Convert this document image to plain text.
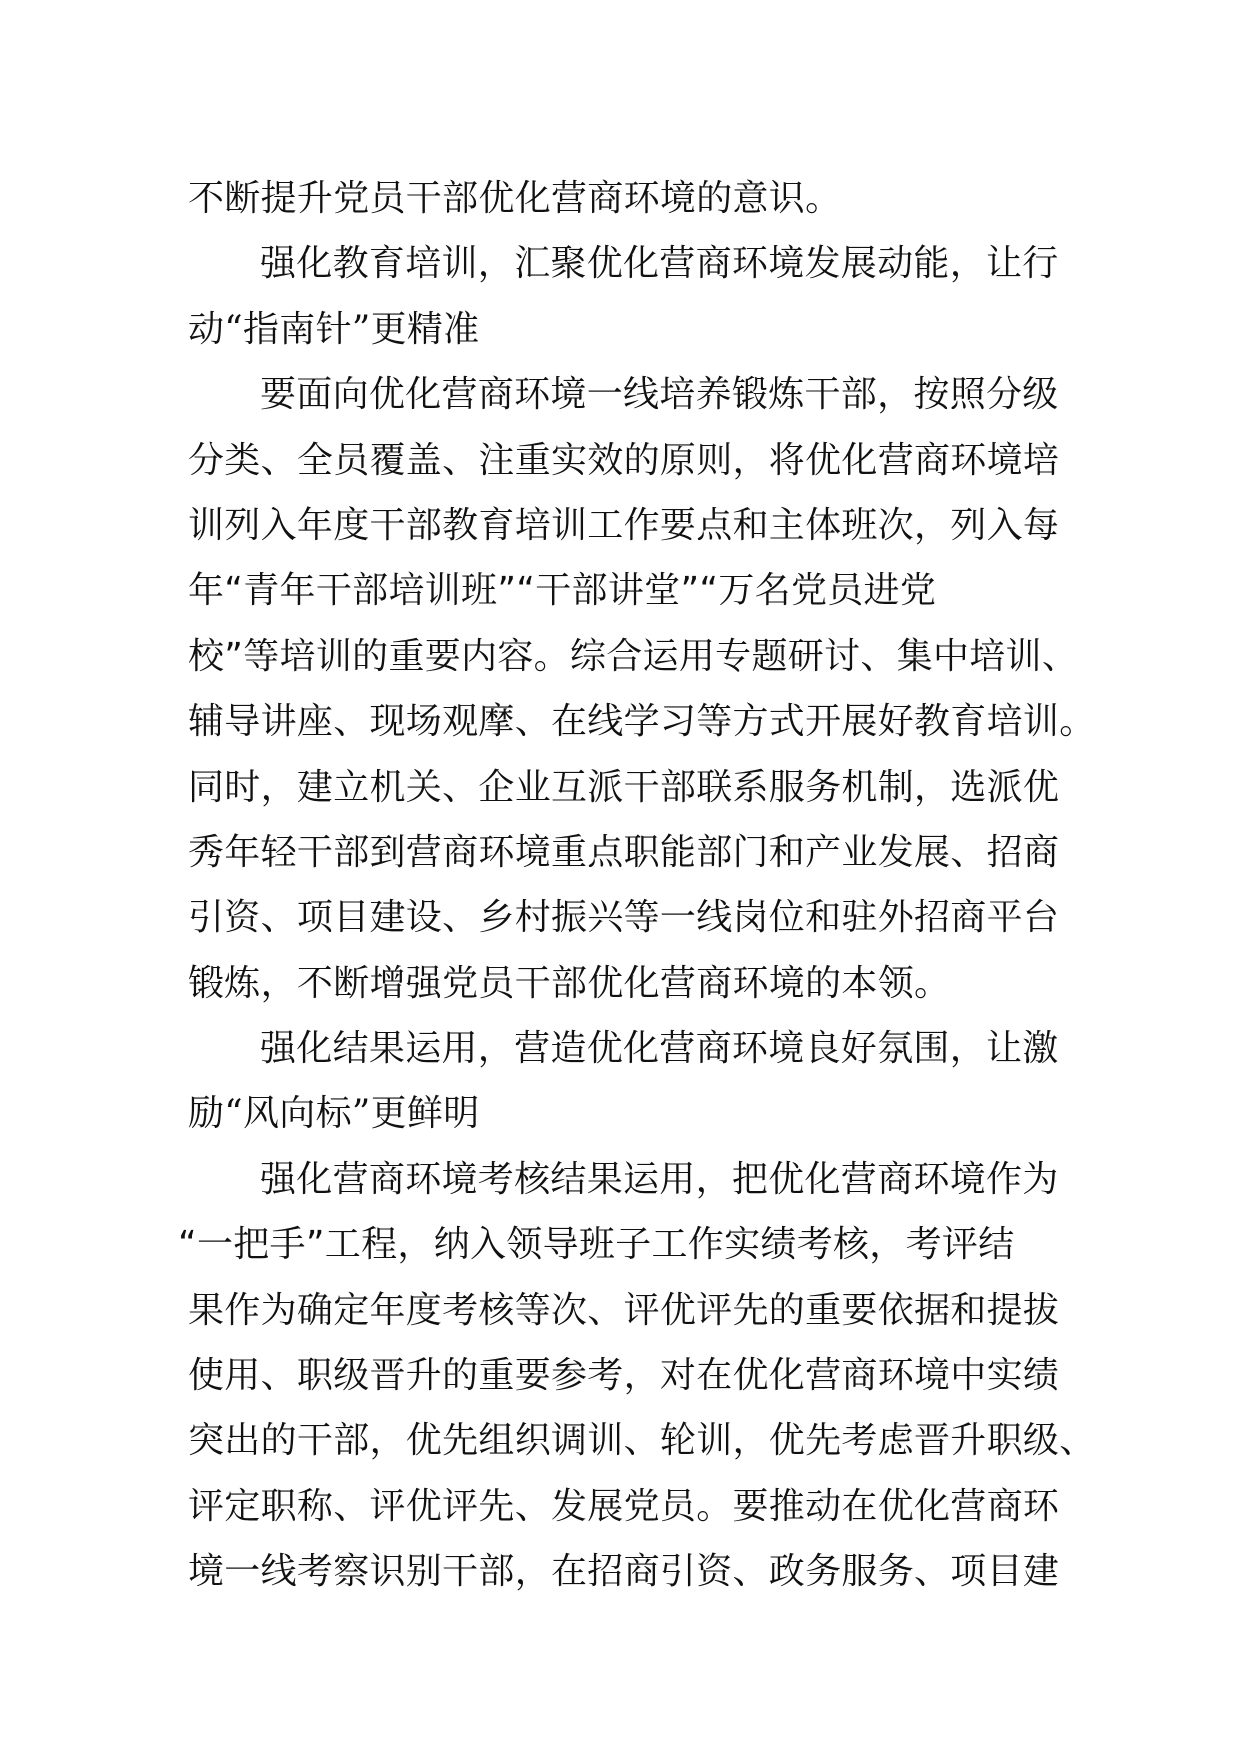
不断提升党员干部优化营商环境的意识。
强化教育培训，汇聚优化营商环境发展动能，让行
动“指南针”更精准
要面向优化营商环境一线培养锻炼干部，按照分级
分类、全员覆盖、注重实效的原则，将优化营商环境培
训列入年度干部教育培训工作要点和主体班次，列入每
年“青年干部培训班”“干部讲堂”“万名党员进党
校”等培训的重要内容。综合运用专题研讨、集中培训、
辅导讲座、现场观摩、在线学习等方式开展好教育培训。
同时，建立机关、企业互派干部联系服务机制，选派优
秀年轻干部到营商环境重点职能部门和产业发展、招商
引资、项目建设、乡村振兴等一线岗位和驻外招商平台
锻炼，不断增强党员干部优化营商环境的本领。
强化结果运用，营造优化营商环境良好氛围，让激
励“风向标”更鲜明
强化营商环境考核结果运用，把优化营商环境作为
“一把手”工程，纳入领导班子工作实绩考核，考评结
果作为确定年度考核等次、评优评先的重要依据和提拔
使用、职级晋升的重要参考，对在优化营商环境中实绩
突出的干部，优先组织调训、轮训，优先考虑晋升职级、
评定职称、评优评先、发展党员。要推动在优化营商环
境一线考察识别干部，在招商引资、政务服务、项目建
